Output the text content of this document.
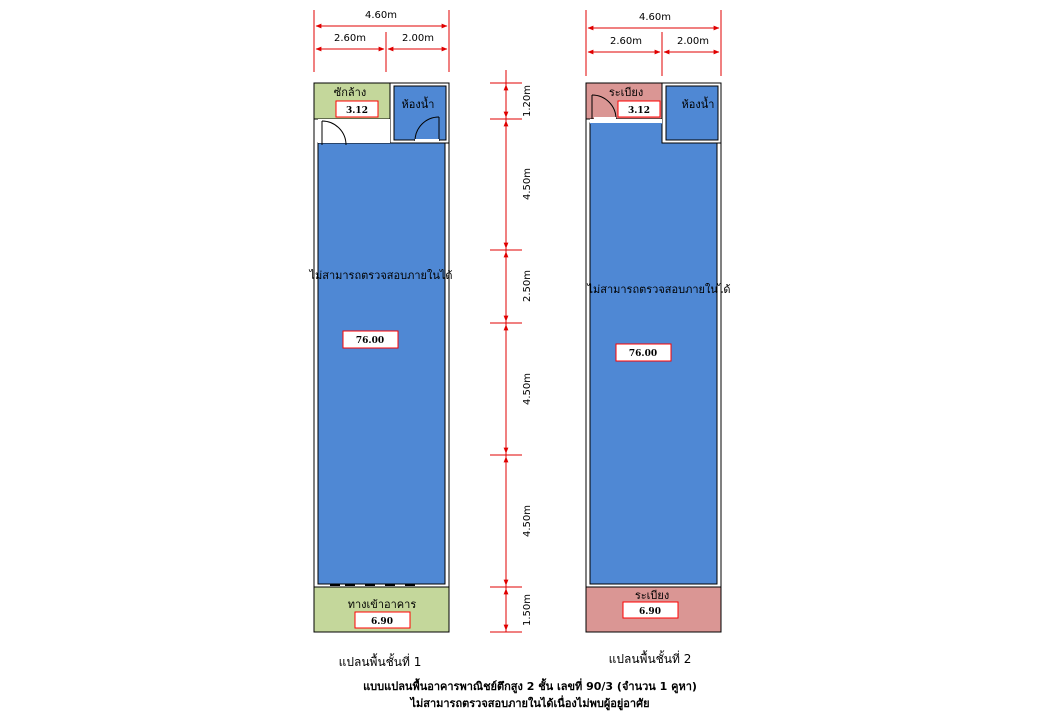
4.60m
2.60m	2.00m
ซักล้าง
3.12	ห้องน้ำ
ไม่สามารถตรวจสอบภายในได้
76.00
ทางเข้าอาคาร
6.90
แปลนพื้นชั้นที่ 1
1.20m
4.50m
2.50m
4.50m
4.50m
1.50m
4.60m
2.60m	2.00m
ระเบียง
3.12	ห้องน้ำ
ไม่สามารถตรวจสอบภายในได้
76.00
ระเบียง
6.90
แปลนพื้นชั้นที่ 2
แบบแปลนพื้นอาคารพาณิชย์ตึกสูง 2 ชั้น เลขที่ 90/3 (จำนวน 1 คูหา)
ไม่สามารถตรวจสอบภายในได้เนื่องไม่พบผู้อยู่อาศัย
